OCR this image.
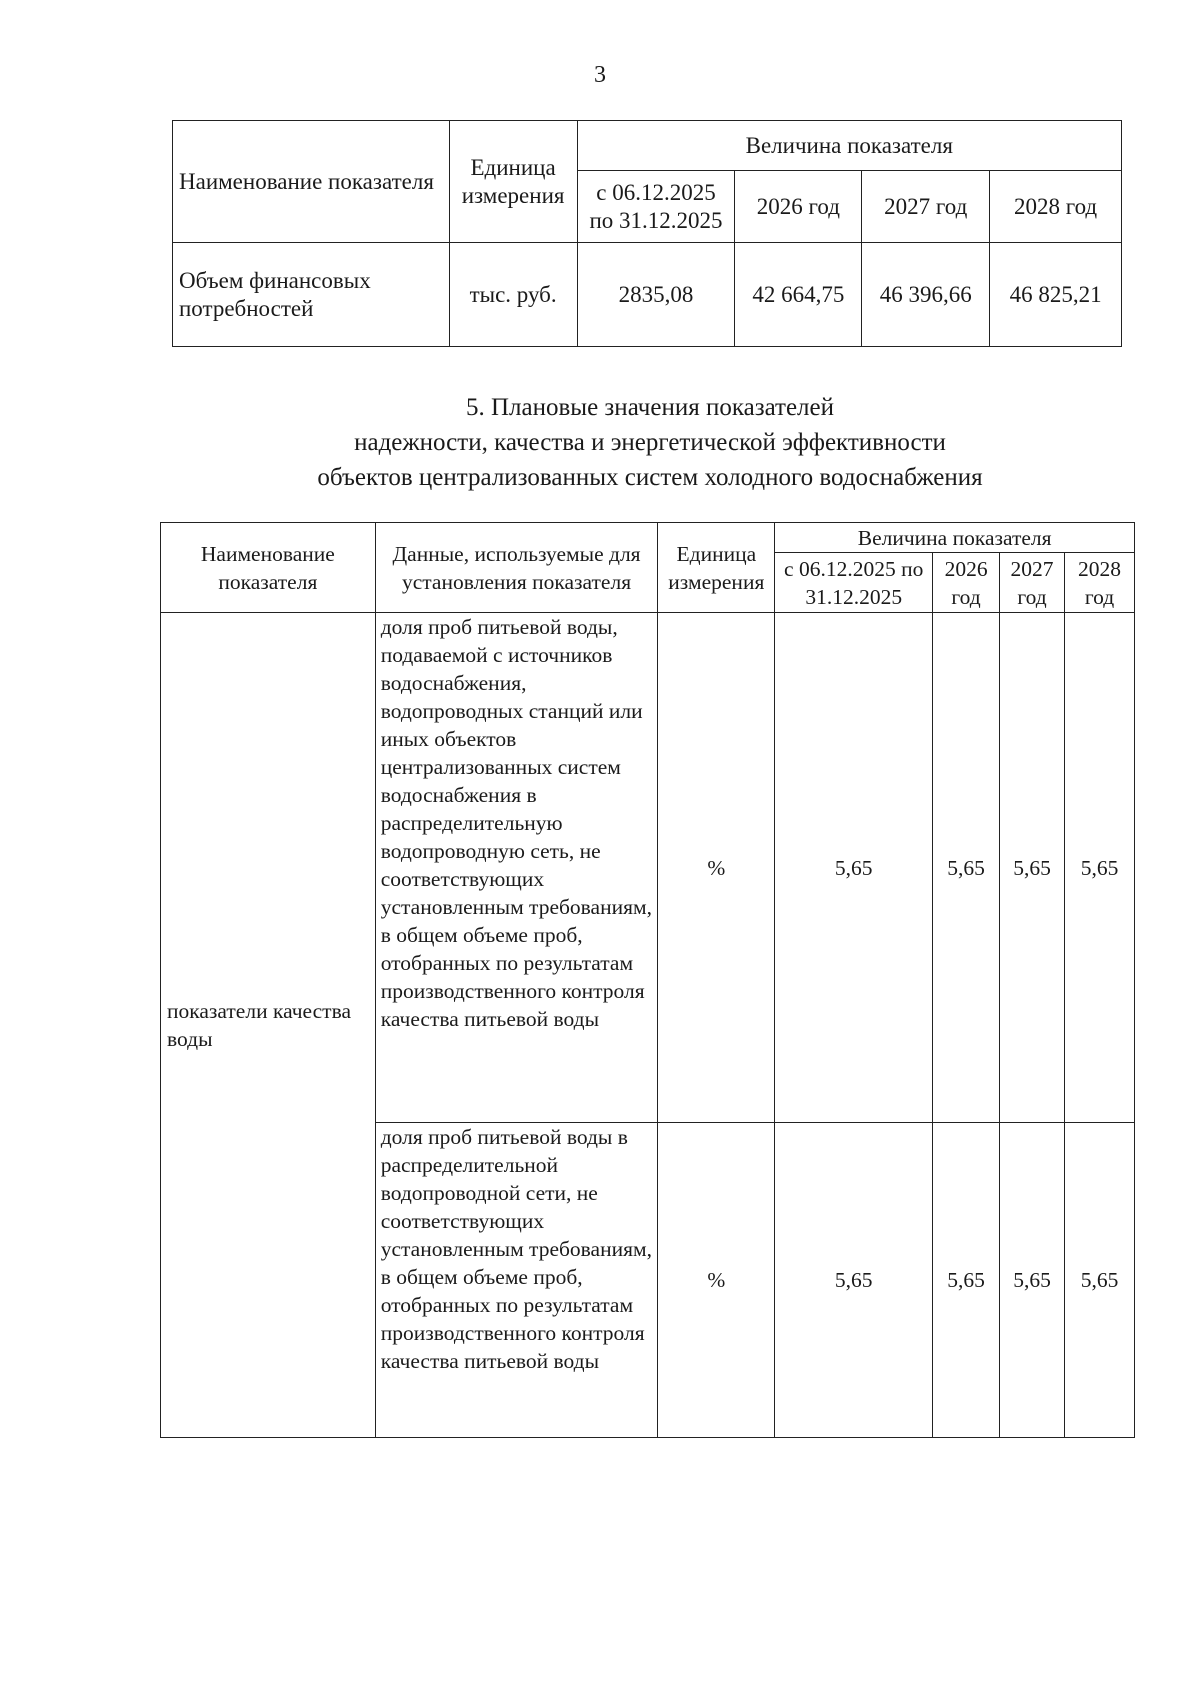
3
Наименование показателя	Единица измерения	Величина показателя			
		с 06.12.2025 по 31.12.2025	2026 год	2027 год	2028 год
Объем финансовых потребностей	тыс. руб.	2835,08	42 664,75	46 396,66	46 825,21
5. Плановые значения показателей
надежности, качества и энергетической эффективности
объектов централизованных систем холодного водоснабжения
Наименование показателя	Данные, используемые для установления показателя	Единица измерения	Величина показателя			
			с 06.12.2025 по 31.12.2025	2026 год	2027 год	2028 год
показатели качества воды	доля проб питьевой воды, подаваемой с источников водоснабжения, водопроводных станций или иных объектов централизованных систем водоснабжения в распределительную водопроводную сеть, не соответствующих установленным требованиям, в общем объеме проб, отобранных по результатам производственного контроля качества питьевой воды	%	5,65	5,65	5,65	5,65
	доля проб питьевой воды в распределительной водопроводной сети, не соответствующих установленным требованиям, в общем объеме проб, отобранных по результатам производственного контроля качества питьевой воды	%	5,65	5,65	5,65	5,65
